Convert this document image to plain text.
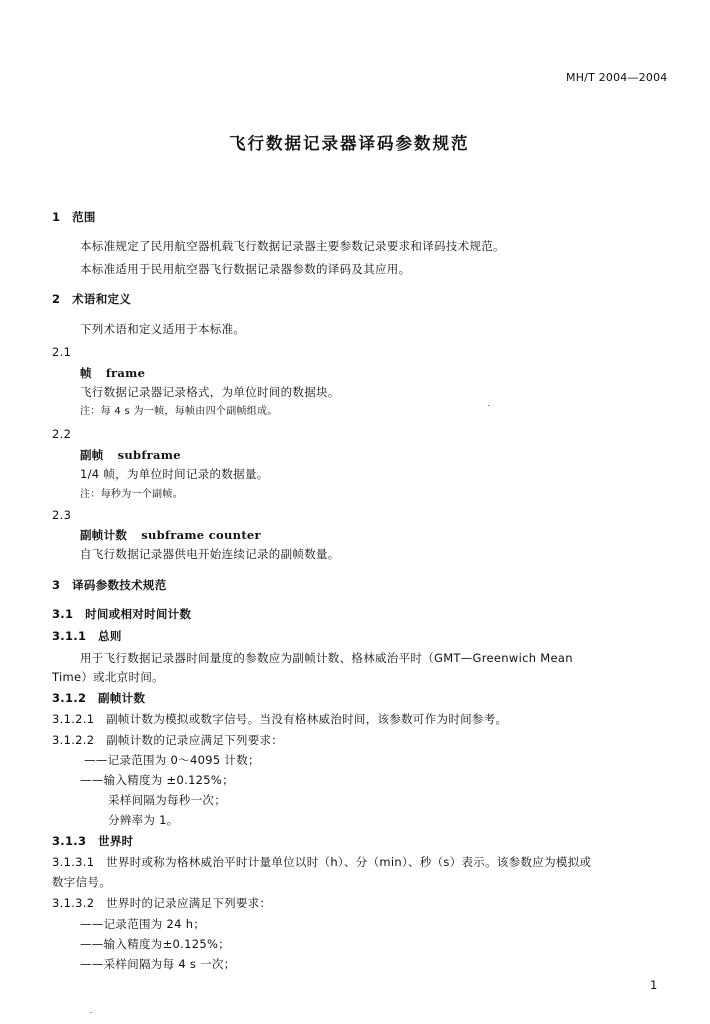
MH/T 2004—2004
飞行数据记录器译码参数规范
1　范围
本标准规定了民用航空器机载飞行数据记录器主要参数记录要求和译码技术规范。
本标准适用于民用航空器飞行数据记录器参数的译码及其应用。
2　术语和定义
下列术语和定义适用于本标准。
2.1
帧 frame
飞行数据记录器记录格式，为单位时间的数据块。
注：每 4 s 为一帧，每帧由四个副帧组成。
2.2
副帧 subframe
1/4 帧，为单位时间记录的数据量。
注：每秒为一个副帧。
2.3
副帧计数 subframe counter
自飞行数据记录器供电开始连续记录的副帧数量。
3　译码参数技术规范
3.1　时间或相对时间计数
3.1.1　总则
用于飞行数据记录器时间量度的参数应为副帧计数、格林威治平时（GMT—Greenwich Mean
Time）或北京时间。
3.1.2　副帧计数
3.1.2.1　副帧计数为模拟或数字信号。当没有格林威治时间，该参数可作为时间参考。
3.1.2.2　副帧计数的记录应满足下列要求：
——记录范围为 0～4095 计数；
——输入精度为 ±0.125%；
采样间隔为每秒一次；
分辨率为 1。
3.1.3　世界时
3.1.3.1　世界时或称为格林威治平时计量单位以时（h）、分（min）、秒（s）表示。该参数应为模拟或
数字信号。
3.1.3.2　世界时的记录应满足下列要求：
——记录范围为 24 h；
——输入精度为±0.125%；
——采样间隔为每 4 s 一次；
1
